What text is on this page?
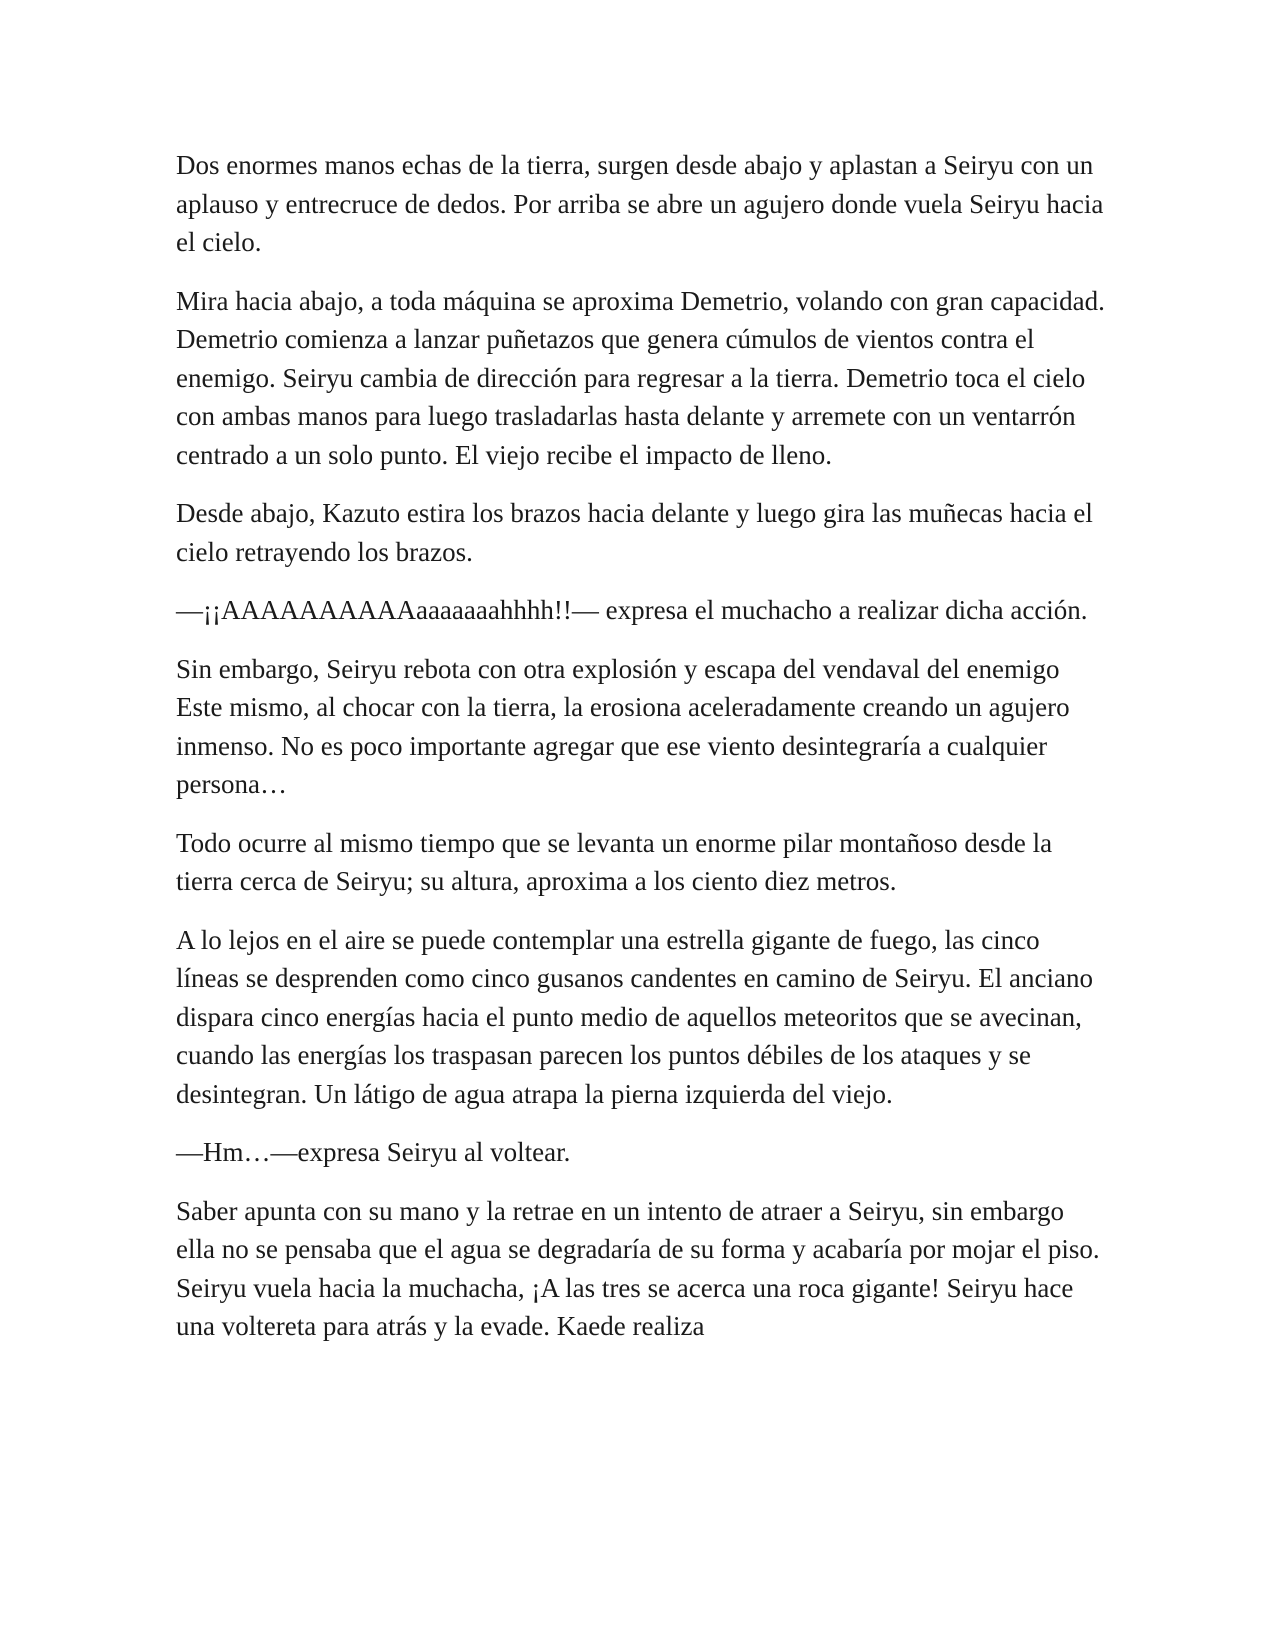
Dos enormes manos echas de la tierra, surgen desde abajo y aplastan a Seiryu con un aplauso y entrecruce de dedos. Por arriba se abre un agujero donde vuela Seiryu hacia el cielo.

Mira hacia abajo, a toda máquina se aproxima Demetrio, volando con gran capacidad. Demetrio comienza a lanzar puñetazos que genera cúmulos de vientos contra el enemigo. Seiryu cambia de dirección para regresar a la tierra. Demetrio toca el cielo con ambas manos para luego trasladarlas hasta delante y arremete con un ventarrón centrado a un solo punto. El viejo recibe el impacto de lleno.

Desde abajo, Kazuto estira los brazos hacia delante y luego gira las muñecas hacia el cielo retrayendo los brazos.

—¡¡AAAAAAAAAAaaaaaaahhhh!!— expresa el muchacho a realizar dicha acción.

Sin embargo, Seiryu rebota con otra explosión y escapa del vendaval del enemigo Este mismo, al chocar con la tierra, la erosiona aceleradamente creando un agujero inmenso. No es poco importante agregar que ese viento desintegraría a cualquier persona…

Todo ocurre al mismo tiempo que se levanta un enorme pilar montañoso desde la tierra cerca de Seiryu; su altura, aproxima a los ciento diez metros.

A lo lejos en el aire se puede contemplar una estrella gigante de fuego, las cinco líneas se desprenden como cinco gusanos candentes en camino de Seiryu. El anciano dispara cinco energías hacia el punto medio de aquellos meteoritos que se avecinan, cuando las energías los traspasan parecen los puntos débiles de los ataques y se desintegran. Un látigo de agua atrapa la pierna izquierda del viejo.

—Hm…—expresa Seiryu al voltear.

Saber apunta con su mano y la retrae en un intento de atraer a Seiryu, sin embargo ella no se pensaba que el agua se degradaría de su forma y acabaría por mojar el piso. Seiryu vuela hacia la muchacha, ¡A las tres se acerca una roca gigante! Seiryu hace una voltereta para atrás y la evade. Kaede realiza
